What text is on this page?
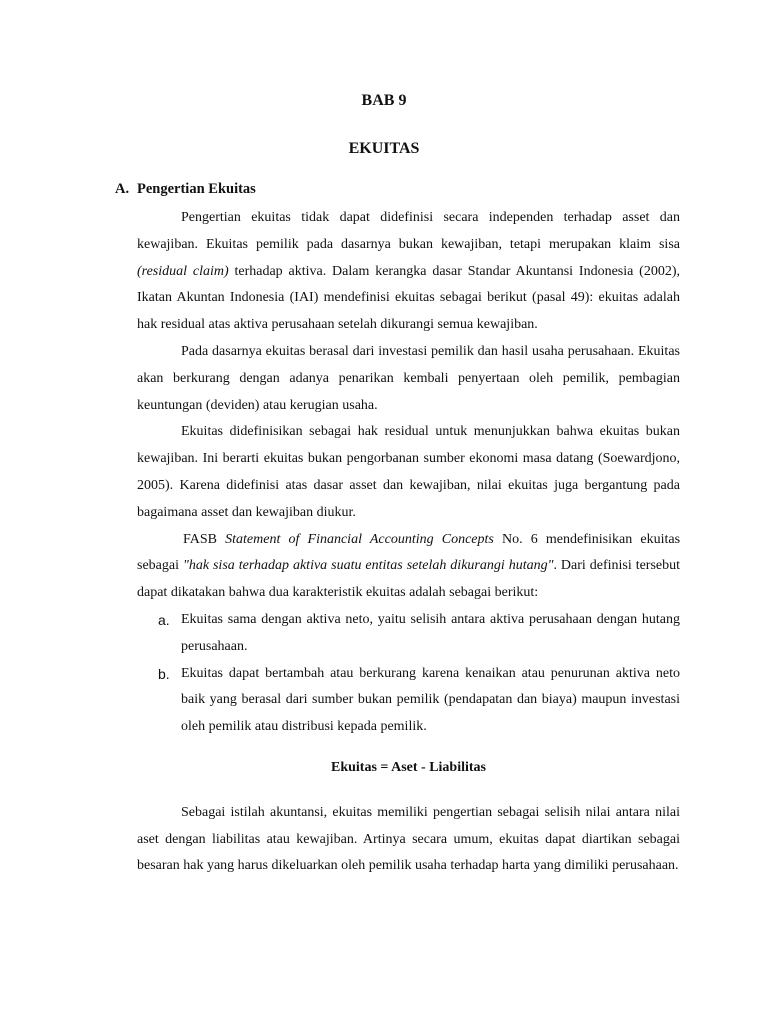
BAB 9
EKUITAS
A. Pengertian Ekuitas

Pengertian ekuitas tidak dapat didefinisi secara independen terhadap asset dan kewajiban. Ekuitas pemilik pada dasarnya bukan kewajiban, tetapi merupakan klaim sisa (residual claim) terhadap aktiva. Dalam kerangka dasar Standar Akuntansi Indonesia (2002), Ikatan Akuntan Indonesia (IAI) mendefinisi ekuitas sebagai berikut (pasal 49): ekuitas adalah hak residual atas aktiva perusahaan setelah dikurangi semua kewajiban.

Pada dasarnya ekuitas berasal dari investasi pemilik dan hasil usaha perusahaan. Ekuitas akan berkurang dengan adanya penarikan kembali penyertaan oleh pemilik, pembagian keuntungan (deviden) atau kerugian usaha.

Ekuitas didefinisikan sebagai hak residual untuk menunjukkan bahwa ekuitas bukan kewajiban. Ini berarti ekuitas bukan pengorbanan sumber ekonomi masa datang (Soewardjono, 2005). Karena didefinisi atas dasar asset dan kewajiban, nilai ekuitas juga bergantung pada bagaimana asset dan kewajiban diukur.

FASB Statement of Financial Accounting Concepts No. 6 mendefinisikan ekuitas sebagai "hak sisa terhadap aktiva suatu entitas setelah dikurangi hutang". Dari definisi tersebut dapat dikatakan bahwa dua karakteristik ekuitas adalah sebagai berikut:

a. Ekuitas sama dengan aktiva neto, yaitu selisih antara aktiva perusahaan dengan hutang perusahaan.
b. Ekuitas dapat bertambah atau berkurang karena kenaikan atau penurunan aktiva neto baik yang berasal dari sumber bukan pemilik (pendapatan dan biaya) maupun investasi oleh pemilik atau distribusi kepada pemilik.
Ekuitas = Aset - Liabilitas

Sebagai istilah akuntansi, ekuitas memiliki pengertian sebagai selisih nilai antara nilai aset dengan liabilitas atau kewajiban. Artinya secara umum, ekuitas dapat diartikan sebagai besaran hak yang harus dikeluarkan oleh pemilik usaha terhadap harta yang dimiliki perusahaan.
